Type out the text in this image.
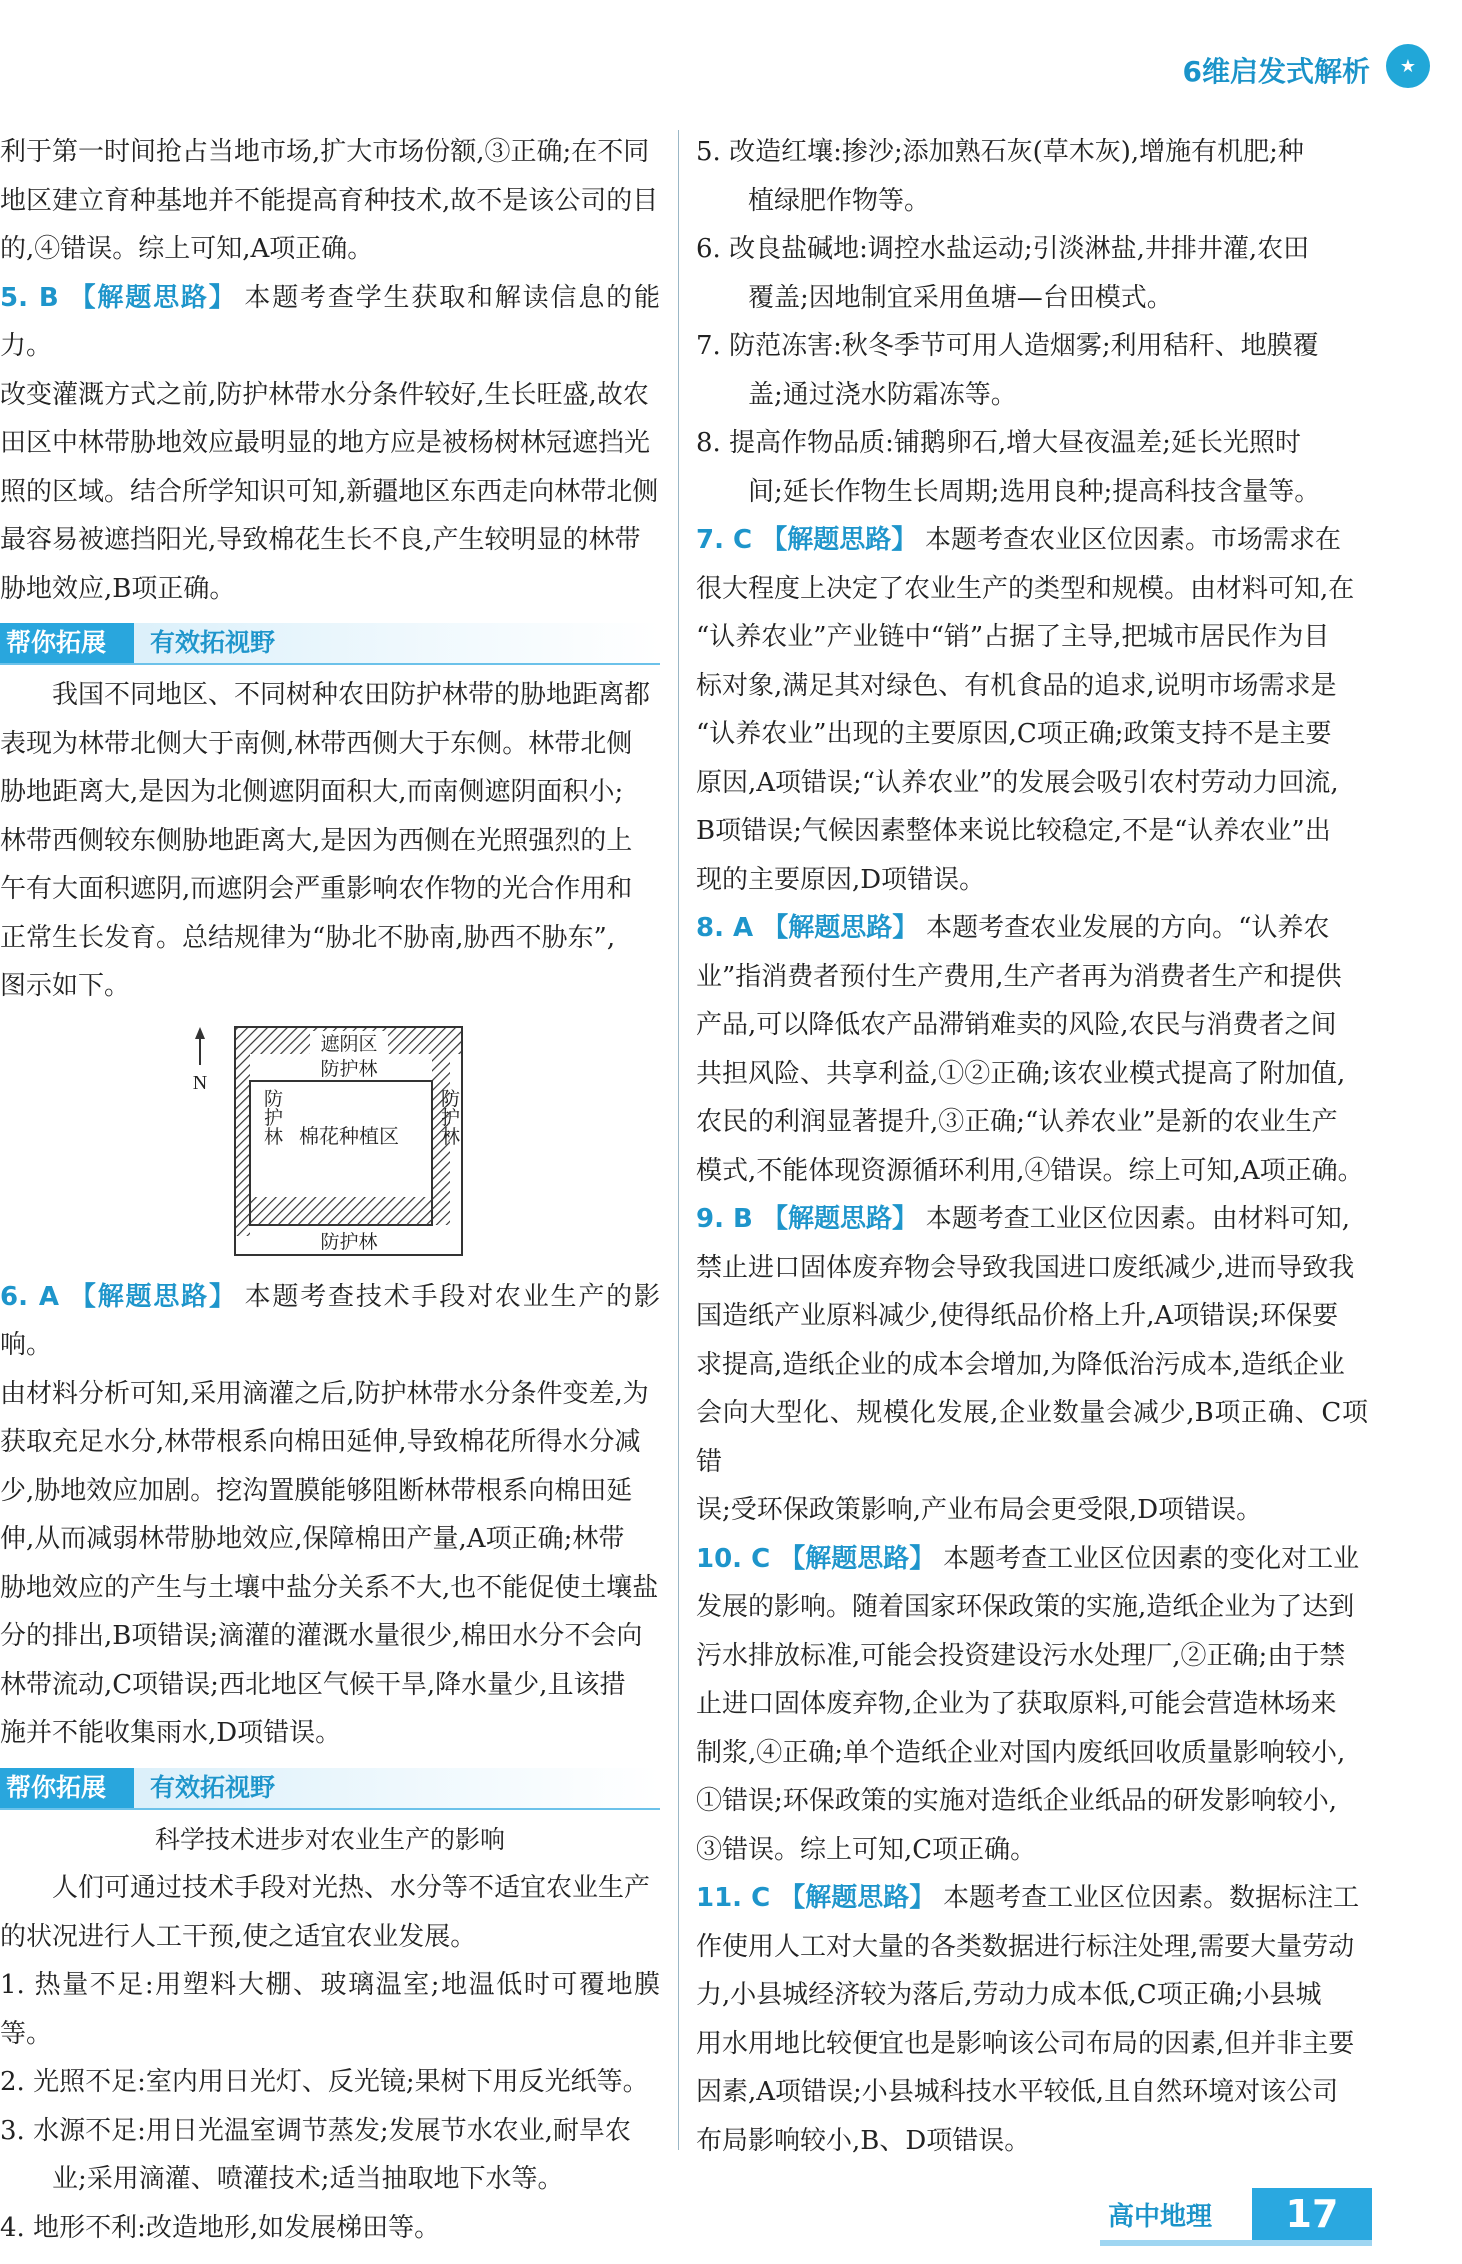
6维启发式解析	★

利于第一时间抢占当地市场,扩大市场份额,③正确;在不同

地区建立育种基地并不能提高育种技术,故不是该公司的目

的,④错误。综上可知,A项正确。

5. B 【解题思路】 本题考查学生获取和解读信息的能力。

改变灌溉方式之前,防护林带水分条件较好,生长旺盛,故农

田区中林带胁地效应最明显的地方应是被杨树林冠遮挡光

照的区域。结合所学知识可知,新疆地区东西走向林带北侧

最容易被遮挡阳光,导致棉花生长不良,产生较明显的林带

胁地效应,B项正确。

帮你拓展	有效拓视野

我国不同地区、不同树种农田防护林带的胁地距离都

表现为林带北侧大于南侧,林带西侧大于东侧。林带北侧

胁地距离大,是因为北侧遮阴面积大,而南侧遮阴面积小;

林带西侧较东侧胁地距离大,是因为西侧在光照强烈的上

午有大面积遮阴,而遮阴会严重影响农作物的光合作用和

正常生长发育。总结规律为“胁北不胁南,胁西不胁东”,

图示如下。

N
遮阴区
防护林
棉花种植区
防护林
防护林	防护林

6. A 【解题思路】 本题考查技术手段对农业生产的影响。

由材料分析可知,采用滴灌之后,防护林带水分条件变差,为

获取充足水分,林带根系向棉田延伸,导致棉花所得水分减

少,胁地效应加剧。挖沟置膜能够阻断林带根系向棉田延

伸,从而减弱林带胁地效应,保障棉田产量,A项正确;林带

胁地效应的产生与土壤中盐分关系不大,也不能促使土壤盐

分的排出,B项错误;滴灌的灌溉水量很少,棉田水分不会向

林带流动,C项错误;西北地区气候干旱,降水量少,且该措

施并不能收集雨水,D项错误。

帮你拓展	有效拓视野

科学技术进步对农业生产的影响

人们可通过技术手段对光热、水分等不适宜农业生产

的状况进行人工干预,使之适宜农业发展。

1. 热量不足:用塑料大棚、玻璃温室;地温低时可覆地膜等。

2. 光照不足:室内用日光灯、反光镜;果树下用反光纸等。

3. 水源不足:用日光温室调节蒸发;发展节水农业,耐旱农

业;采用滴灌、喷灌技术;适当抽取地下水等。

4. 地形不利:改造地形,如发展梯田等。

5. 改造红壤:掺沙;添加熟石灰(草木灰),增施有机肥;种

植绿肥作物等。

6. 改良盐碱地:调控水盐运动;引淡淋盐,井排井灌,农田

覆盖;因地制宜采用鱼塘—台田模式。

7. 防范冻害:秋冬季节可用人造烟雾;利用秸秆、地膜覆

盖;通过浇水防霜冻等。

8. 提高作物品质:铺鹅卵石,增大昼夜温差;延长光照时

间;延长作物生长周期;选用良种;提高科技含量等。

7. C 【解题思路】 本题考查农业区位因素。市场需求在

很大程度上决定了农业生产的类型和规模。由材料可知,在

“认养农业”产业链中“销”占据了主导,把城市居民作为目

标对象,满足其对绿色、有机食品的追求,说明市场需求是

“认养农业”出现的主要原因,C项正确;政策支持不是主要

原因,A项错误;“认养农业”的发展会吸引农村劳动力回流,

B项错误;气候因素整体来说比较稳定,不是“认养农业”出

现的主要原因,D项错误。

8. A 【解题思路】 本题考查农业发展的方向。“认养农

业”指消费者预付生产费用,生产者再为消费者生产和提供

产品,可以降低农产品滞销难卖的风险,农民与消费者之间

共担风险、共享利益,①②正确;该农业模式提高了附加值,

农民的利润显著提升,③正确;“认养农业”是新的农业生产

模式,不能体现资源循环利用,④错误。综上可知,A项正确。

9. B 【解题思路】 本题考查工业区位因素。由材料可知,

禁止进口固体废弃物会导致我国进口废纸减少,进而导致我

国造纸产业原料减少,使得纸品价格上升,A项错误;环保要

求提高,造纸企业的成本会增加,为降低治污成本,造纸企业

会向大型化、规模化发展,企业数量会减少,B项正确、C项错

误;受环保政策影响,产业布局会更受限,D项错误。

10. C 【解题思路】 本题考查工业区位因素的变化对工业

发展的影响。随着国家环保政策的实施,造纸企业为了达到

污水排放标准,可能会投资建设污水处理厂,②正确;由于禁

止进口固体废弃物,企业为了获取原料,可能会营造林场来

制浆,④正确;单个造纸企业对国内废纸回收质量影响较小,

①错误;环保政策的实施对造纸企业纸品的研发影响较小,

③错误。综上可知,C项正确。

11. C 【解题思路】 本题考查工业区位因素。数据标注工

作使用人工对大量的各类数据进行标注处理,需要大量劳动

力,小县城经济较为落后,劳动力成本低,C项正确;小县城

用水用地比较便宜也是影响该公司布局的因素,但并非主要

因素,A项错误;小县城科技水平较低,且自然环境对该公司

布局影响较小,B、D项错误。

高中地理	17
